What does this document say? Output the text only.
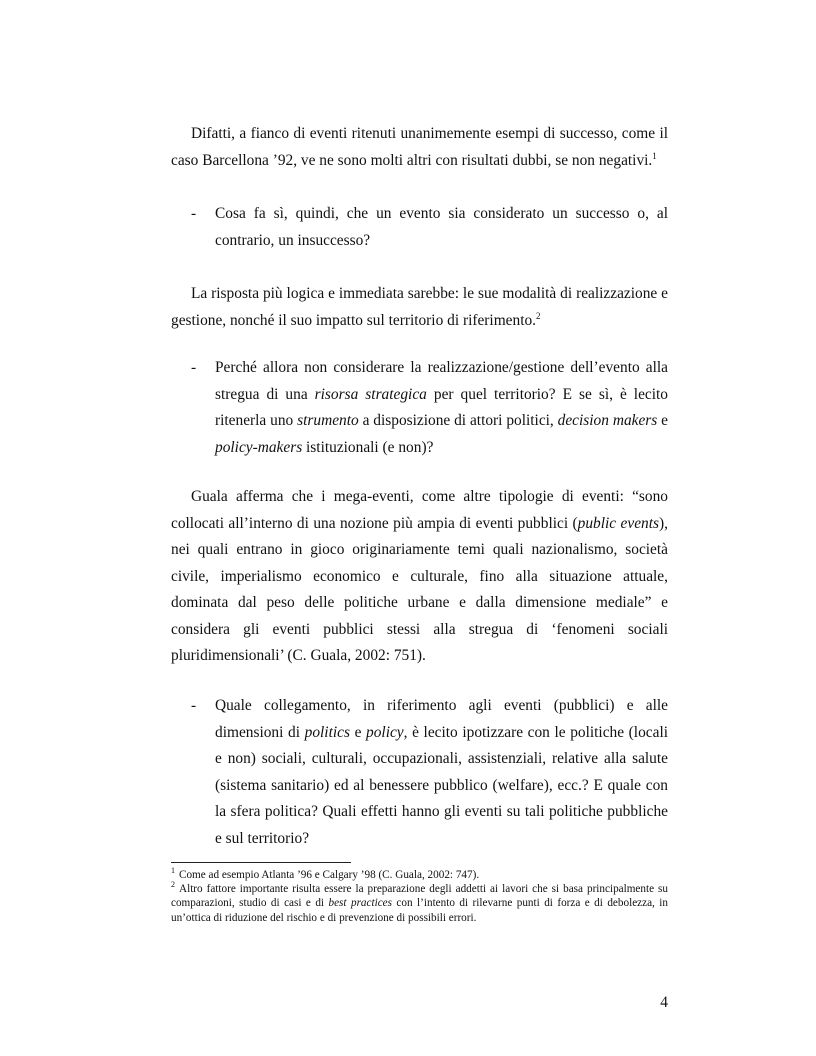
Difatti, a fianco di eventi ritenuti unanimemente esempi di successo, come il caso Barcellona ’92, ve ne sono molti altri con risultati dubbi, se non negativi.$^1$

- Cosa fa sì, quindi, che un evento sia considerato un successo o, al contrario, un insuccesso?

La risposta più logica e immediata sarebbe: le sue modalità di realizzazione e gestione, nonché il suo impatto sul territorio di riferimento.$^2$

- Perché allora non considerare la realizzazione/gestione dell’evento alla stregua di una risorsa strategica per quel territorio? E se sì, è lecito ritenerla uno strumento a disposizione di attori politici, decision makers e policy-makers istituzionali (e non)?

Guala afferma che i mega-eventi, come altre tipologie di eventi: “sono collocati all’interno di una nozione più ampia di eventi pubblici (public events), nei quali entrano in gioco originariamente temi quali nazionalismo, società civile, imperialismo economico e culturale, fino alla situazione attuale, dominata dal peso delle politiche urbane e dalla dimensione mediale” e considera gli eventi pubblici stessi alla stregua di ‘fenomeni sociali pluridimensionali’ (C. Guala, 2002: 751).

- Quale collegamento, in riferimento agli eventi (pubblici) e alle dimensioni di politics e policy, è lecito ipotizzare con le politiche (locali e non) sociali, culturali, occupazionali, assistenziali, relative alla salute (sistema sanitario) ed al benessere pubblico (welfare), ecc.? E quale con la sfera politica? Quali effetti hanno gli eventi su tali politiche pubbliche e sul territorio?

$^1$ Come ad esempio Atlanta ’96 e Calgary ’98 (C. Guala, 2002: 747).

$^2$ Altro fattore importante risulta essere la preparazione degli addetti ai lavori che si basa principalmente su comparazioni, studio di casi e di best practices con l’intento di rilevarne punti di forza e di debolezza, in un’ottica di riduzione del rischio e di prevenzione di possibili errori.

4
